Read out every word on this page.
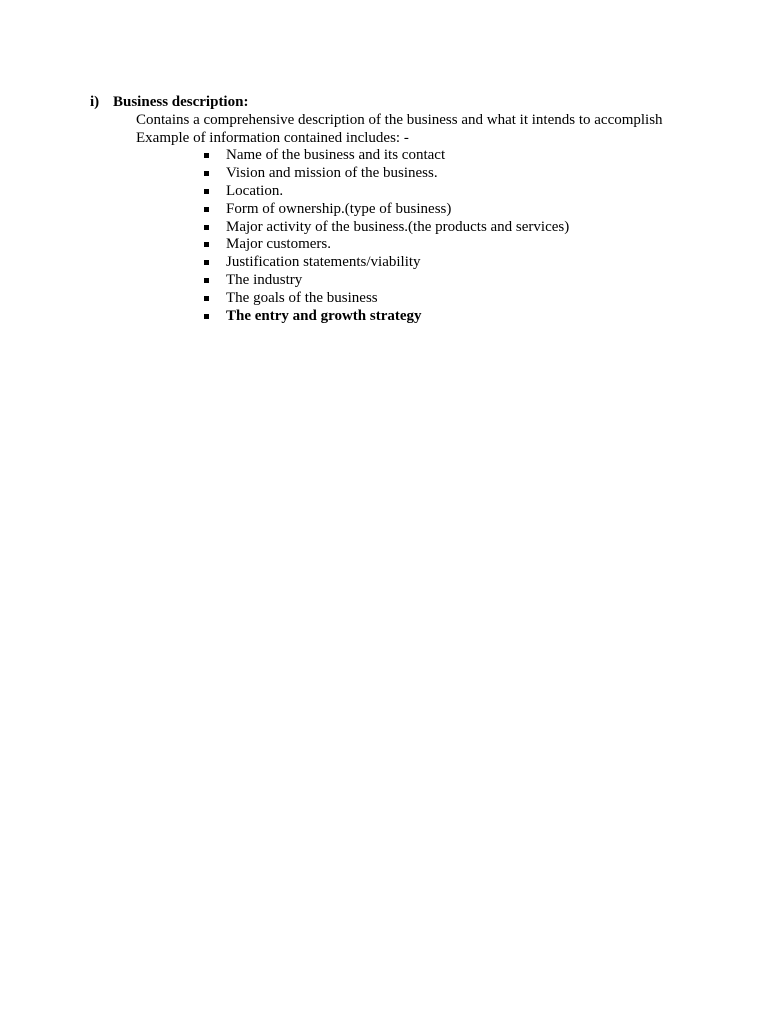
i) Business description:
Contains a comprehensive description of the business and what it intends to accomplish
Example of information contained includes: -
Name of the business and its contact
Vision and mission of the business.
Location.
Form of ownership.(type of business)
Major activity of the business.(the products and services)
Major customers.
Justification statements/viability
The industry
The goals of the business
The entry and growth strategy
